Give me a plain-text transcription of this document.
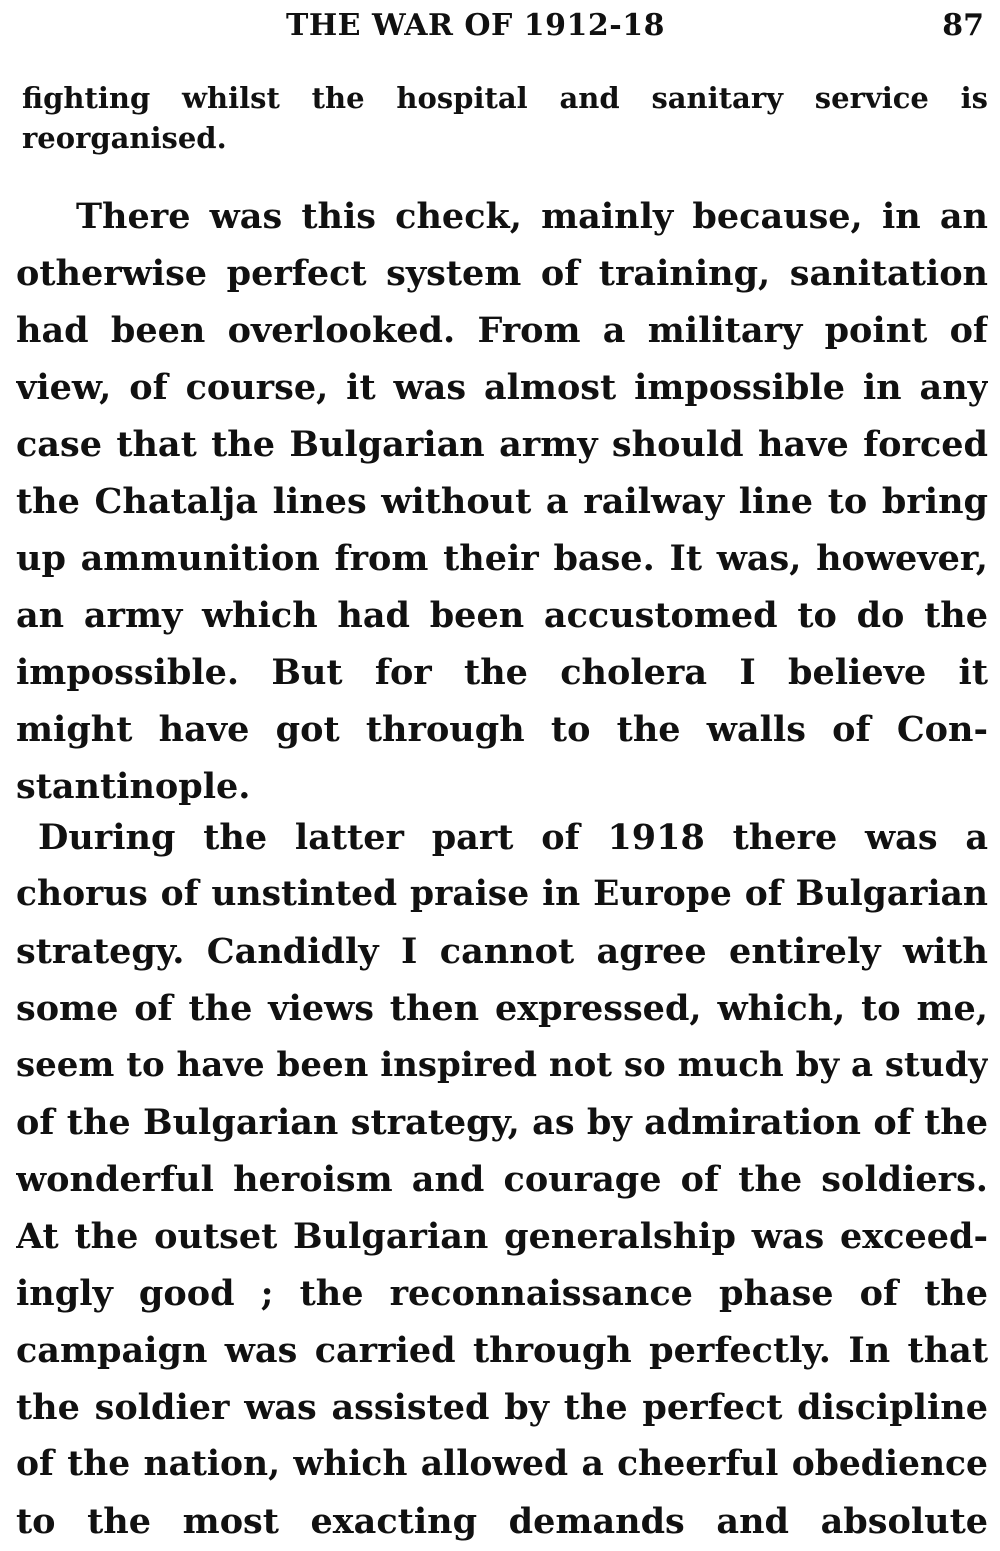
THE WAR OF 1912-18	87
fighting whilst the hospital and sanitary service is
reorganised.
There was this check, mainly because, in an
otherwise perfect system of training, sanitation
had been overlooked. From a military point of
view, of course, it was almost impossible in any
case that the Bulgarian army should have forced
the Chatalja lines without a railway line to bring
up ammunition from their base. It was, however,
an army which had been accustomed to do the
impossible. But for the cholera I believe it
might have got through to the walls of Con-
stantinople.
During the latter part of 1918 there was a
chorus of unstinted praise in Europe of Bulgarian
strategy. Candidly I cannot agree entirely with
some of the views then expressed, which, to me,
seem to have been inspired not so much by a study
of the Bulgarian strategy, as by admiration of the
wonderful heroism and courage of the soldiers.
At the outset Bulgarian generalship was exceed-
ingly good ; the reconnaissance phase of the
campaign was carried through perfectly. In that
the soldier was assisted by the perfect discipline
of the nation, which allowed a cheerful obedience
to the most exacting demands and absolute
